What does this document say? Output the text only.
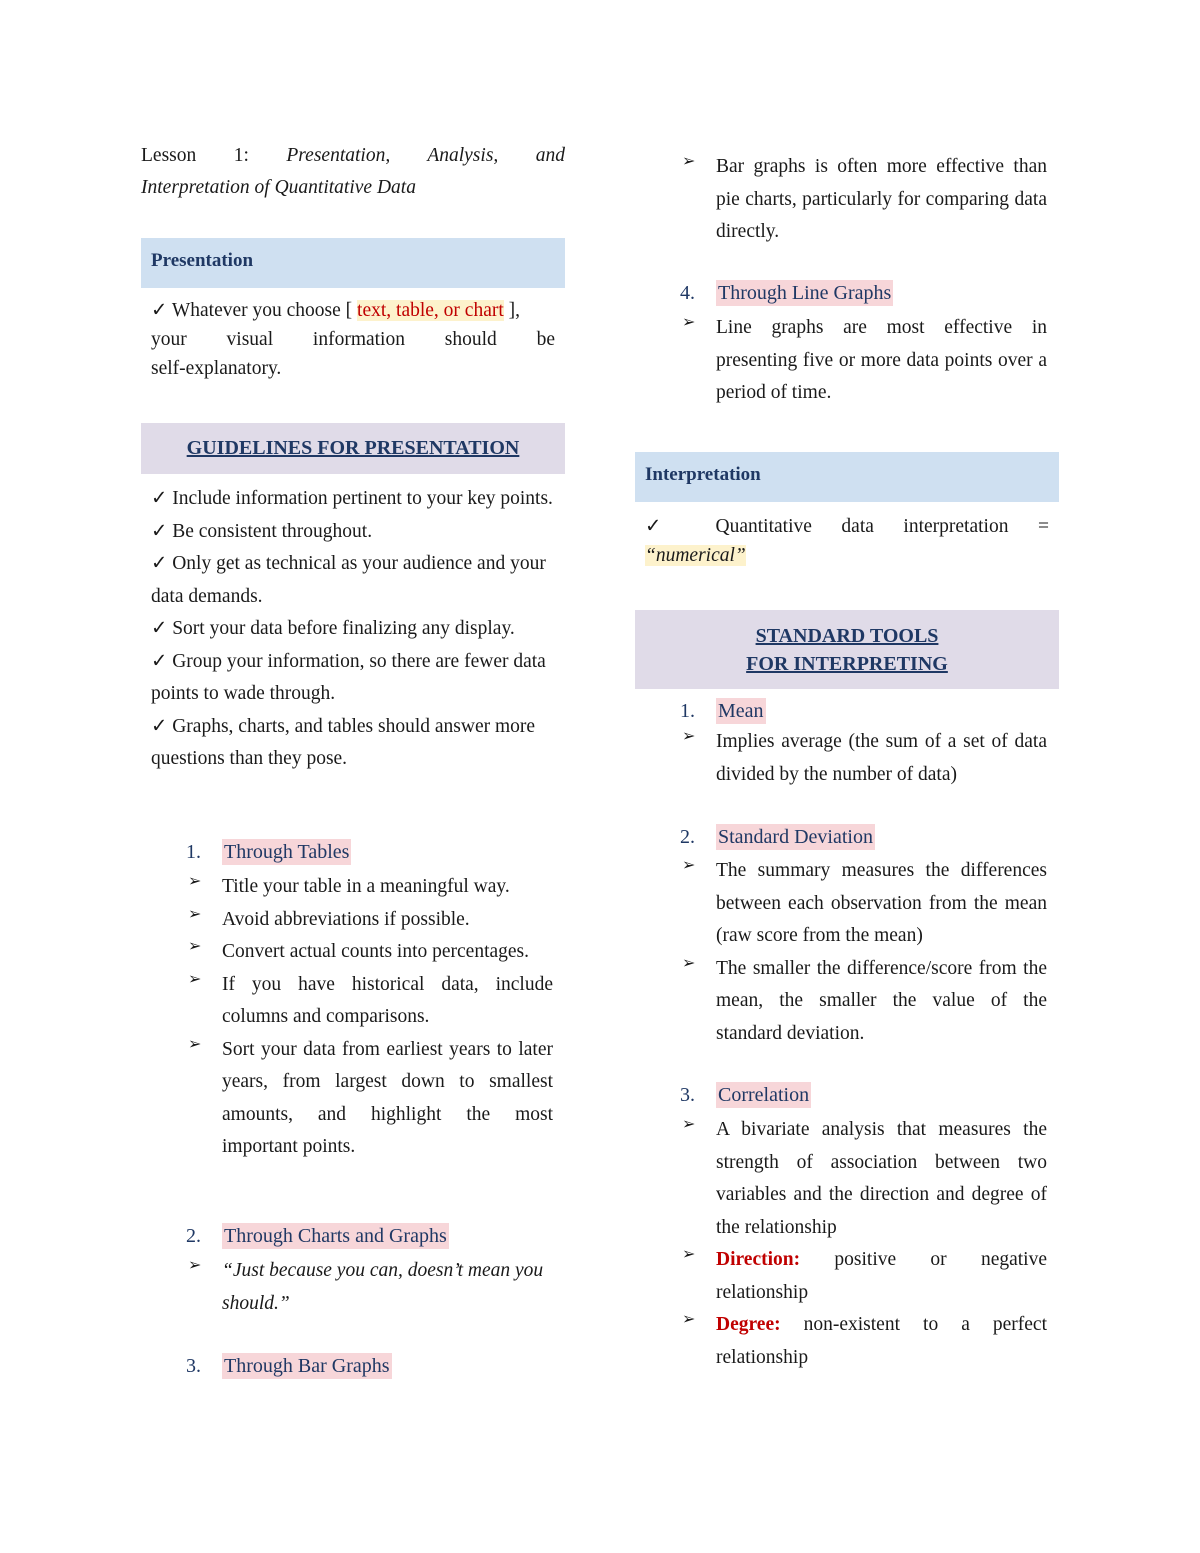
Lesson 1: Presentation, Analysis, and
Interpretation of Quantitative Data
Presentation

✓ Whatever you choose [ text, table, or chart ],

your visual information should be

self-explanatory.

GUIDELINES FOR PRESENTATION

✓ Include information pertinent to your key points.

✓ Be consistent throughout.

✓ Only get as technical as your audience and your data demands.

✓ Sort your data before finalizing any display.

✓ Group your information, so there are fewer data points to wade through.

✓ Graphs, charts, and tables should answer more questions than they pose.

1. Through Tables
➢ Title your table in a meaningful way.

➢ Avoid abbreviations if possible.

➢ Convert actual counts into percentages.

➢ If you have historical data, include columns and comparisons.

➢ Sort your data from earliest years to later years, from largest down to smallest amounts, and highlight the most important points.

2. Through Charts and Graphs
➢ “Just because you can, doesn’t mean you should.”

3. Through Bar Graphs
➢ Bar graphs is often more effective than pie charts, particularly for comparing data directly.

4. Through Line Graphs
➢ Line graphs are most effective in presenting five or more data points over a period of time.

Interpretation

✓ Quantitative data interpretation =

“numerical”

STANDARD TOOLS
FOR INTERPRETING
1. Mean
➢ Implies average (the sum of a set of data divided by the number of data)

2. Standard Deviation
➢ The summary measures the differences between each observation from the mean (raw score from the mean)

➢ The smaller the difference/score from the mean, the smaller the value of the standard deviation.

3. Correlation
➢ A bivariate analysis that measures the strength of association between two variables and the direction and degree of the relationship

➢ Direction: positive or negative relationship

➢ Degree: non-existent to a perfect relationship
